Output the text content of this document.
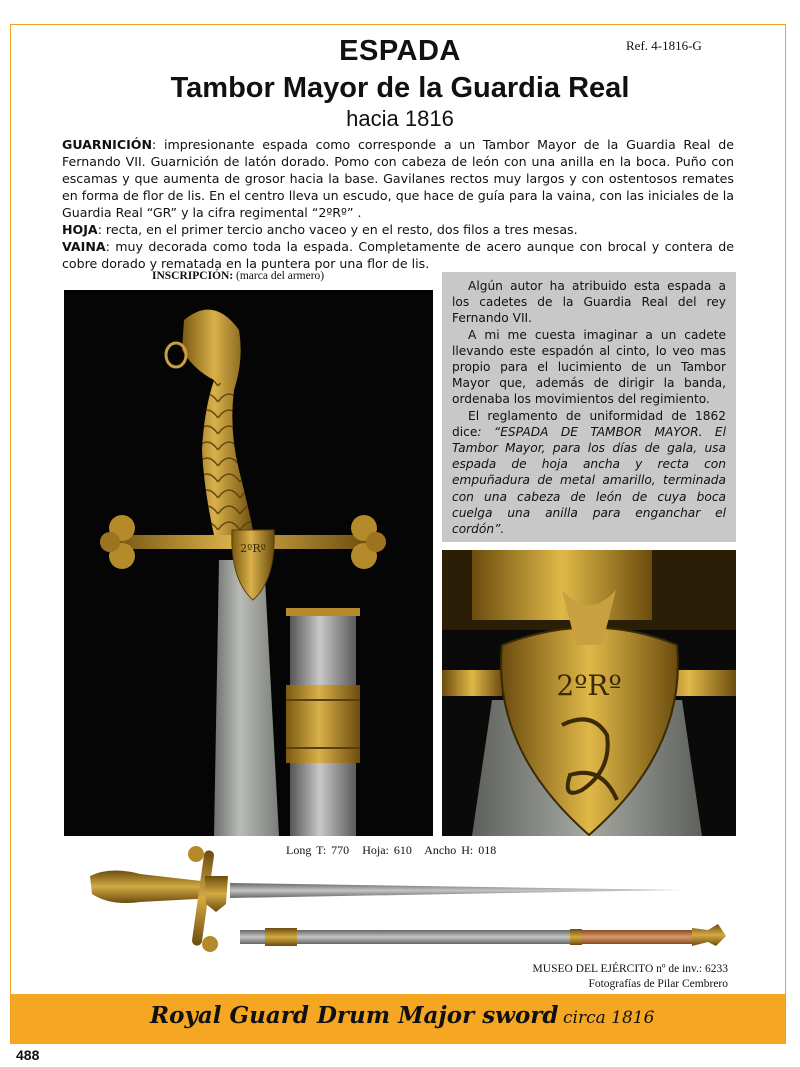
Ref. 4-1816-G
ESPADA
Tambor Mayor de la Guardia Real
hacia 1816

GUARNICIÓN: impresionante espada como corresponde a un Tambor Mayor de la Guardia Real de Fernando VII. Guarnición de latón dorado. Pomo con cabeza de león con una anilla en la boca. Puño con escamas y que aumenta de grosor hacia la base. Gavilanes rectos muy largos y con ostentosos remates en forma de flor de lis. En el centro lleva un escudo, que hace de guía para la vaina, con las iniciales de la Guardia Real “GR” y la cifra regimental “2ºRº” .

HOJA: recta, en el primer tercio ancho vaceo y en el resto, dos filos a tres mesas.

VAINA: muy decorada como toda la espada. Completamente de acero aunque con brocal y contera de cobre dorado y rematada en la puntera por una flor de lis.

INSCRIPCIÓN: (marca del armero)
2ºRº

Algún autor ha atribuido esta espada a los cadetes de la Guardia Real del rey Fernando VII.

A mi me cuesta imaginar a un cadete llevando este espadón al cinto, lo veo mas propio para el lucimiento de un Tambor Mayor que, además de dirigir la banda, ordenaba los movimientos del regimiento.

El reglamento de uniformidad de 1862 dice: “ESPADA DE TAMBOR MAYOR. El Tambor Mayor, para los días de gala, usa espada de hoja ancha y recta con empuñadura de metal amarillo, terminada con una cabeza de león de cuya boca cuelga una anilla para enganchar el cordón”.

2ºRº
Long T: 770 Hoja: 610 Ancho H: 018
MUSEO DEL EJÉRCITO nº de inv.: 6233
Fotografías de Pilar Cembrero
Royal Guard Drum Major sword circa 1816
488
